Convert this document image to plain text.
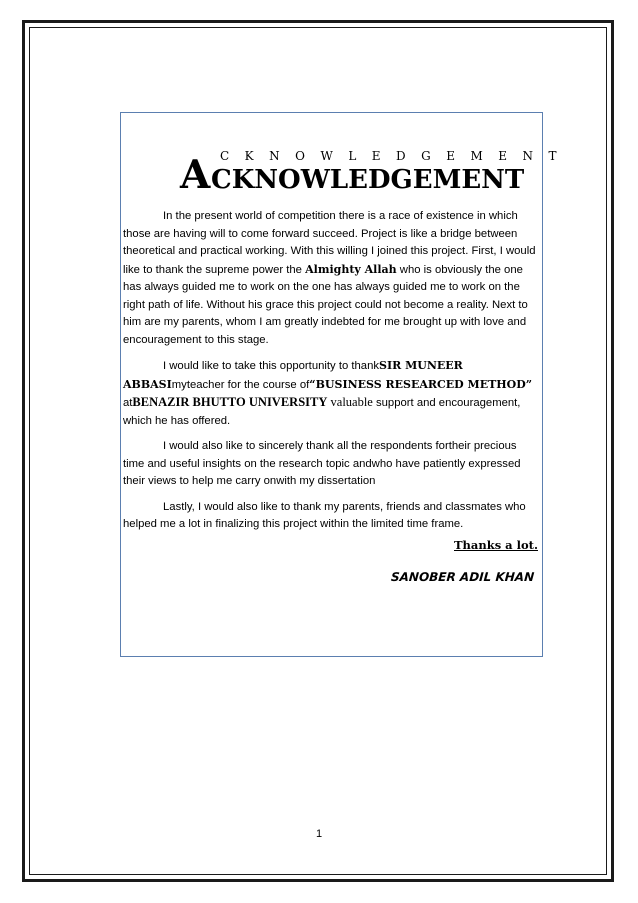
A CKNOWLEDGEMENT
CKNOWLEDGEMENT

In the present world of competition there is a race of existence in which those are having will to come forward succeed. Project is like a bridge between theoretical and practical working. With this willing I joined this project. First, I would like to thank the supreme power the Almighty Allah who is obviously the one has always guided me to work on the one has always guided me to work on the right path of life. Without his grace this project could not become a reality. Next to him are my parents, whom I am greatly indebted for me brought up with love and encouragement to this stage.

I would like to take this opportunity to thankSIR MUNEER ABBASImyteacher for the course of“BUSINESS RESEARCED METHOD” atBENAZIR BHUTTO UNIVERSITY valuable support and encouragement, which he has offered.

I would also like to sincerely thank all the respondents fortheir precious time and useful insights on the research topic andwho have patiently expressed their views to help me carry onwith my dissertation

Lastly, I would also like to thank my parents, friends and classmates who helped me a lot in finalizing this project within the limited time frame.

Thanks a lot.
SANOBER ADIL KHAN
1
